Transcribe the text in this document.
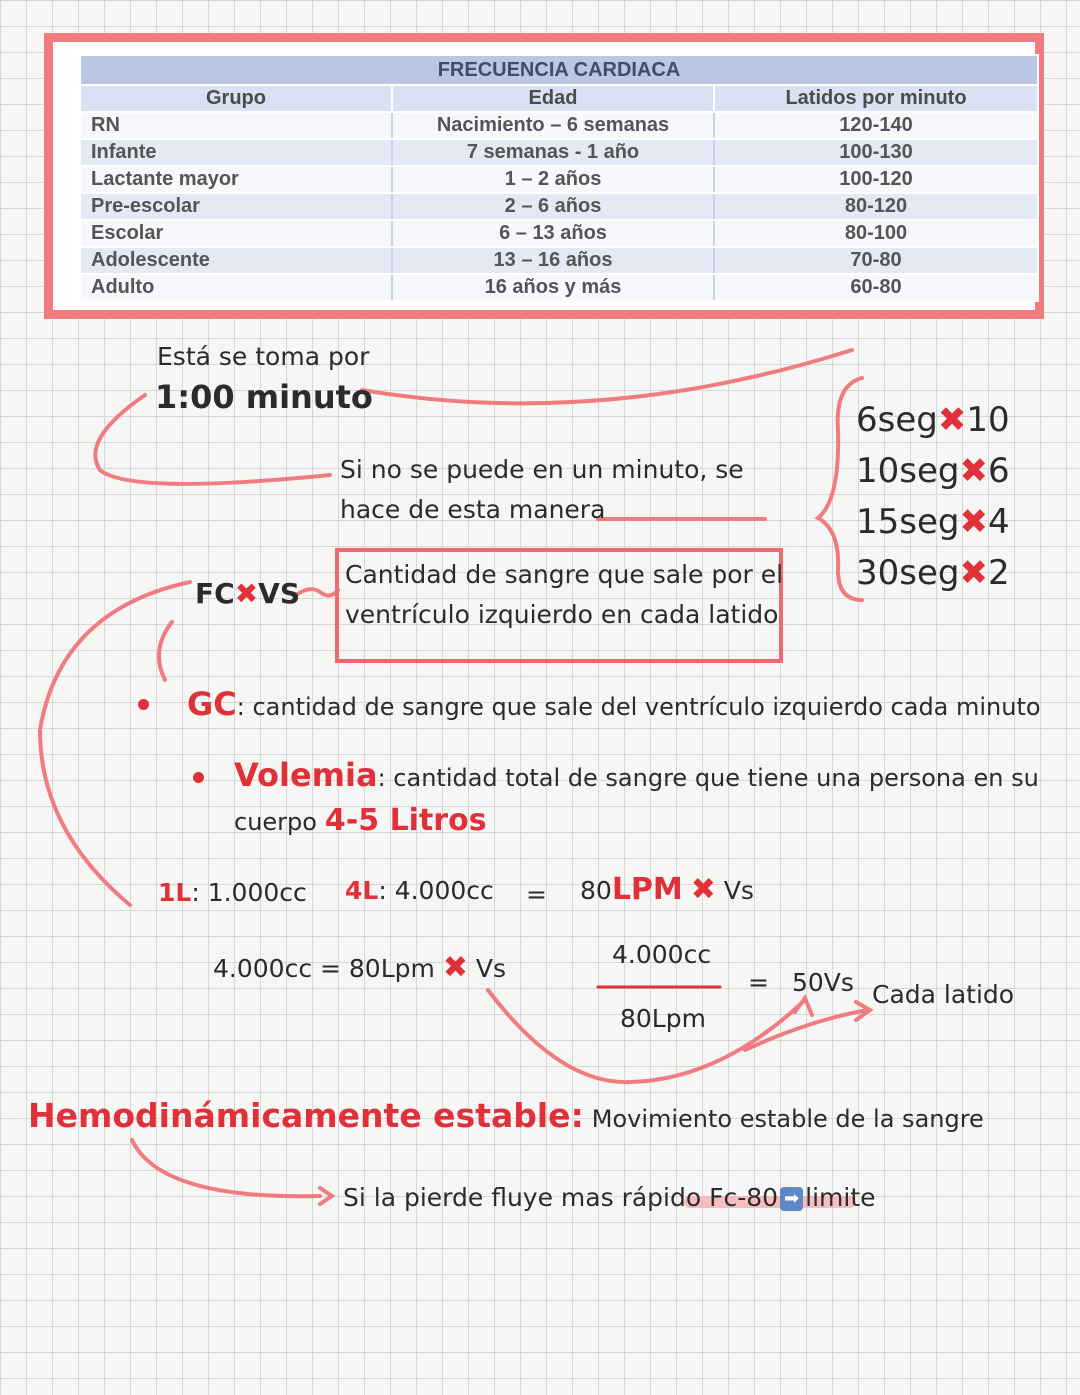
FRECUENCIA CARDIACA		
Grupo	Edad	Latidos por minuto
RN	Nacimiento – 6 semanas	120-140
Infante	7 semanas - 1 año	100-130
Lactante mayor	1 – 2 años	100-120
Pre-escolar	2 – 6 años	80-120
Escolar	6 – 13 años	80-100
Adolescente	13 – 16 años	70-80
Adulto	16 años y más	60-80
Está se toma por
1:00 minuto
Si no se puede en un minuto, se
hace de esta manera
6seg✖10
10seg✖6
15seg✖4
30seg✖2
FC✖VS
Cantidad de sangre que sale por el
ventrículo izquierdo en cada latido
GC: cantidad de sangre que sale del ventrículo izquierdo cada minuto
Volemia: cantidad total de sangre que tiene una persona en su
cuerpo 4-5 Litros
1L: 1.000cc 4L: 4.000cc = 80LPM ✖ Vs
4.000cc = 80Lpm ✖ Vs	4.000cc
80Lpm
= 50Vs Cada latido
Hemodinámicamente estable: Movimiento estable de la sangre
Si la pierde fluye mas rápido Fc-80 ➡ limite
